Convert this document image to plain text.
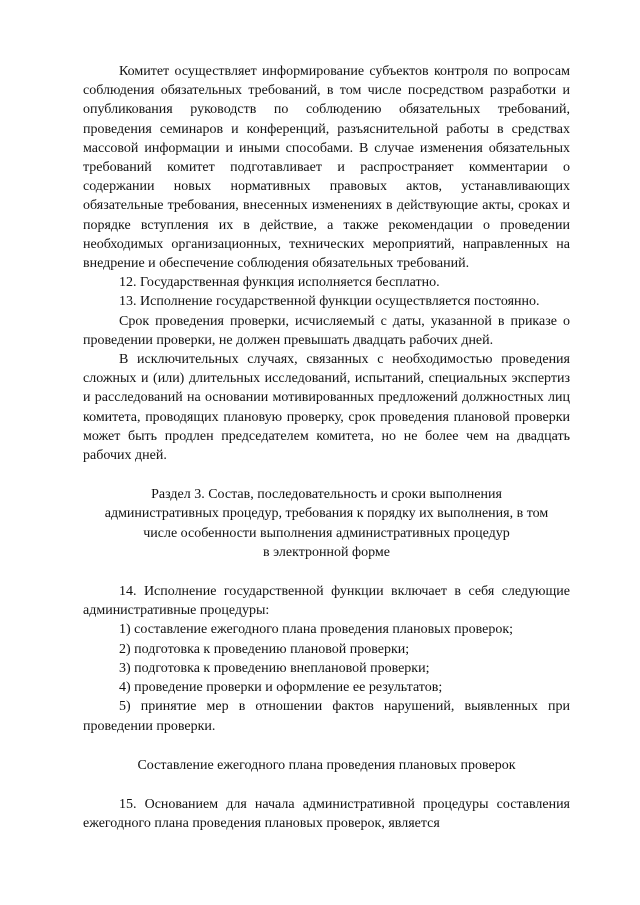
Комитет осуществляет информирование субъектов контроля по вопросам соблюдения обязательных требований, в том числе посредством разработки и опубликования руководств по соблюдению обязательных требований, проведения семинаров и конференций, разъяснительной работы в средствах массовой информации и иными способами. В случае изменения обязательных требований комитет подготавливает и распространяет комментарии о содержании новых нормативных правовых актов, устанавливающих обязательные требования, внесенных изменениях в действующие акты, сроках и порядке вступления их в действие, а также рекомендации о проведении необходимых организационных, технических мероприятий, направленных на внедрение и обеспечение соблюдения обязательных требований.

12. Государственная функция исполняется бесплатно.

13. Исполнение государственной функции осуществляется постоянно.

Срок проведения проверки, исчисляемый с даты, указанной в приказе о проведении проверки, не должен превышать двадцать рабочих дней.

В исключительных случаях, связанных с необходимостью проведения сложных и (или) длительных исследований, испытаний, специальных экспертиз и расследований на основании мотивированных предложений должностных лиц комитета, проводящих плановую проверку, срок проведения плановой проверки может быть продлен председателем комитета, но не более чем на двадцать рабочих дней.

Раздел 3. Состав, последовательность и сроки выполнения
административных процедур, требования к порядку их выполнения, в том
числе особенности выполнения административных процедур
в электронной форме

14. Исполнение государственной функции включает в себя следующие административные процедуры:

1) составление ежегодного плана проведения плановых проверок;

2) подготовка к проведению плановой проверки;

3) подготовка к проведению внеплановой проверки;

4) проведение проверки и оформление ее результатов;

5) принятие мер в отношении фактов нарушений, выявленных при проведении проверки.

Составление ежегодного плана проведения плановых проверок

15. Основанием для начала административной процедуры составления ежегодного плана проведения плановых проверок, является
